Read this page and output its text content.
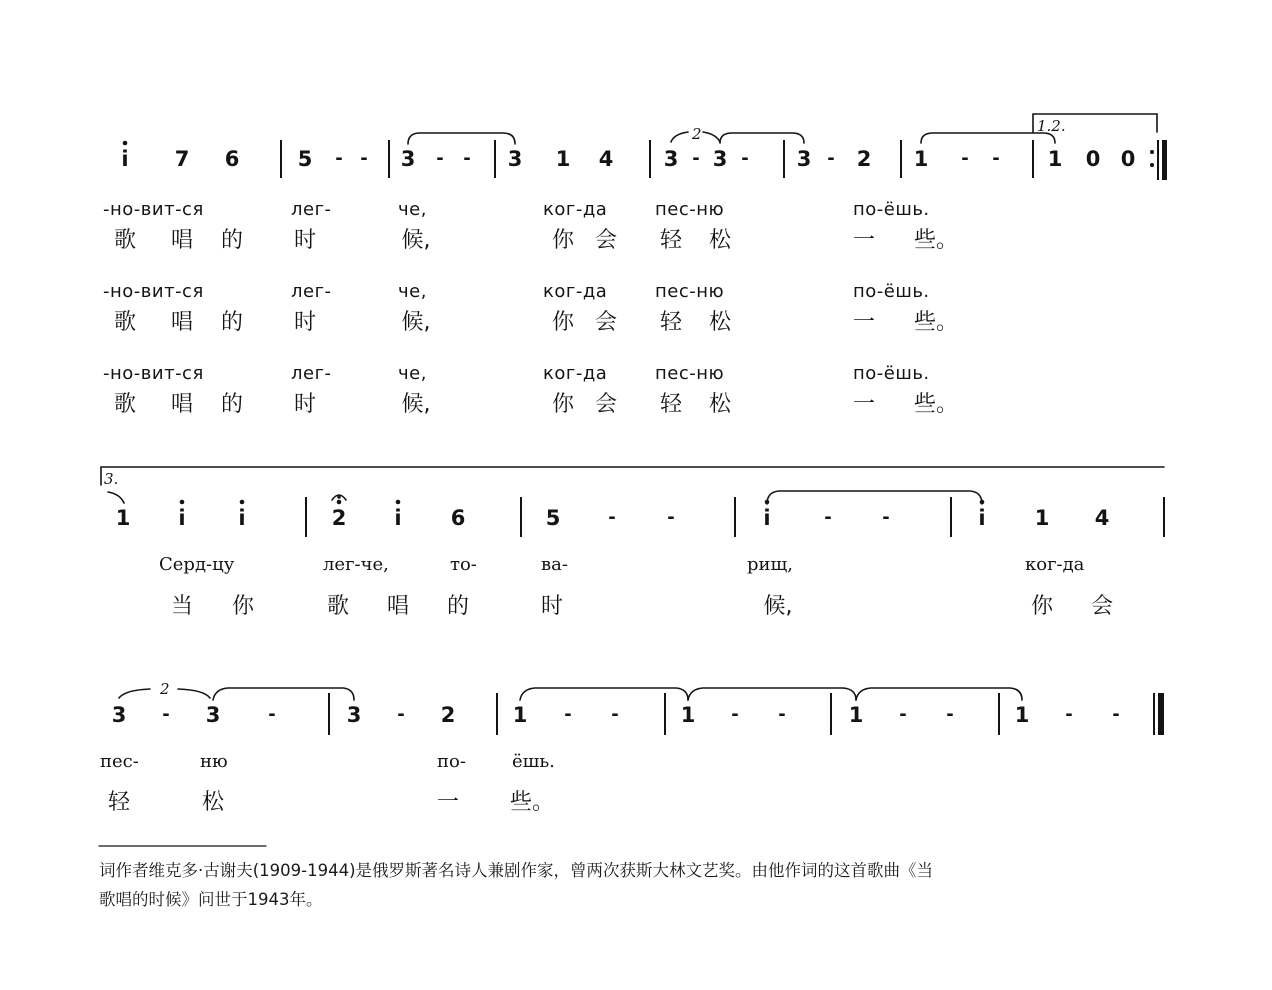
i 7 6	5 - - 3 - - 3 1 4 3 - 3 - 3 - 2 1 - - 1 0 0
2	1.2.
-но-вит-ся	лег-	че,	ког-да	пес-ню	по-ёшь.
歌 唱 的 时	候,	你 会 轻 松	一 些。
-но-вит-ся	лег-	че,	ког-да	пес-ню	по-ёшь.
歌 唱 的 时	候,	你 会 轻 松	一 些。
-но-вит-ся	лег-	че,	ког-да	пес-ню	по-ёшь.
歌 唱 的 时	候,	你 会 轻 松	一 些。
3.
1 i	i	2 i 6	5	-	-	i	-	-	i 1 4
Серд-цу	лег-че,	то-	ва-	рищ,	ког-да
当 你	歌 唱 的	时	候,	你 会
2
3 - 3	-	3 - 2	1 - -	1 - -	1 - -	1 - -
пес-	ню	по-	ёшь.
轻	松	一 些。
词作者维克多·古谢夫(1909-1944)是俄罗斯著名诗人兼剧作家，曾两次获斯大林文艺奖。由他作词的这首歌曲《当
歌唱的时候》问世于1943年。
